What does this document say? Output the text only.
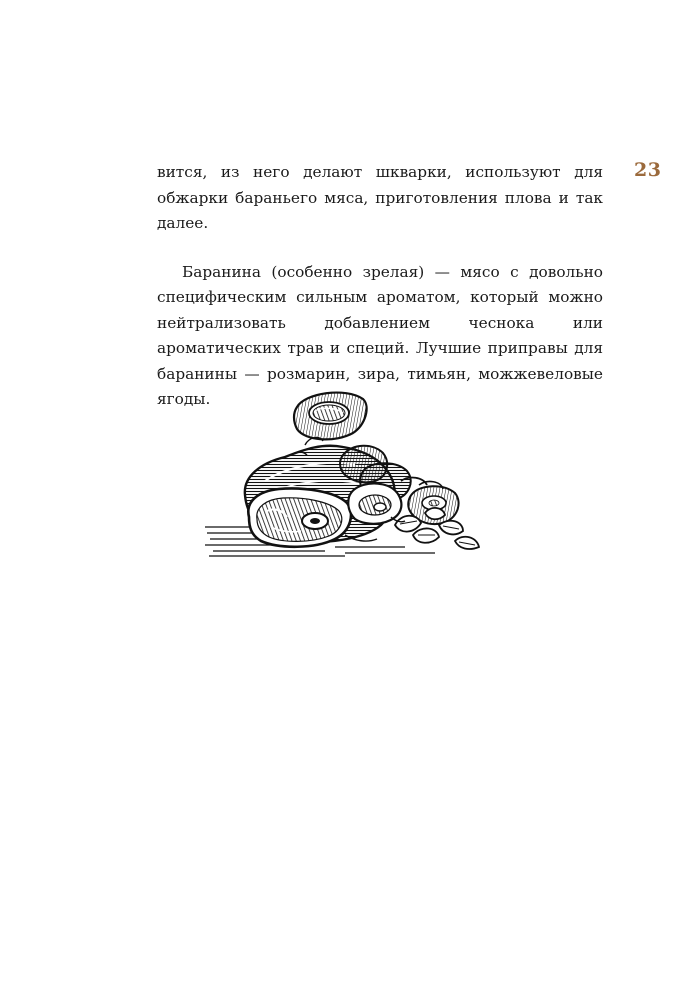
23

вится, из него делают шкварки, используют для обжарки бараньего мяса, приготовления плова и так далее.

Баранина (особенно зрелая) — мясо с довольно специфическим сильным ароматом, который можно нейтрализовать добавлением чеснока или ароматических трав и специй. Лучшие приправы для баранины — розмарин, зира, тимьян, можжевеловые ягоды.
